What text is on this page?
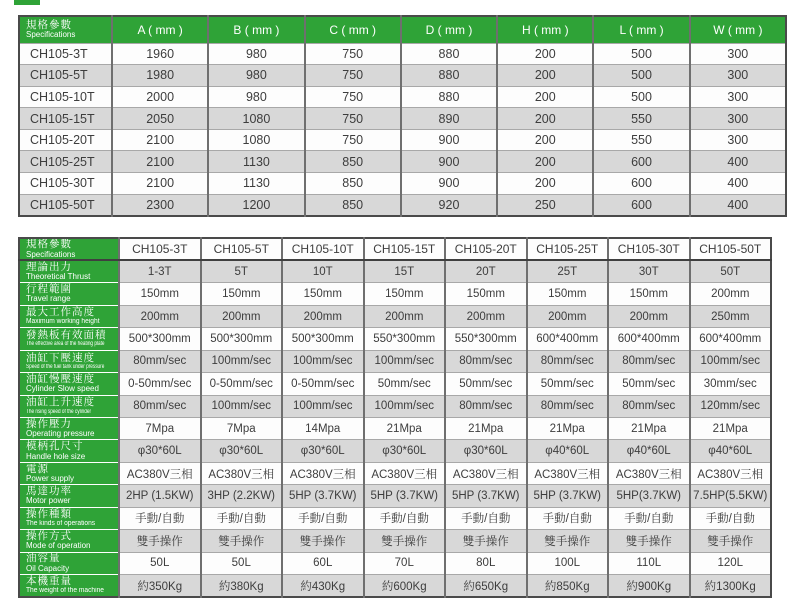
規格參數
Specifications	A ( mm )	B ( mm )	C ( mm )	D ( mm )	H ( mm )	L ( mm )	W ( mm )
CH105-3T	1960	980	750	880	200	500	300
CH105-5T	1980	980	750	880	200	500	300
CH105-10T	2000	980	750	880	200	500	300
CH105-15T	2050	1080	750	890	200	550	300
CH105-20T	2100	1080	750	900	200	550	300
CH105-25T	2100	1130	850	900	200	600	400
CH105-30T	2100	1130	850	900	200	600	400
CH105-50T	2300	1200	850	920	250	600	400
規格參數
Specifications	CH105-3T	CH105-5T	CH105-10T	CH105-15T	CH105-20T	CH105-25T	CH105-30T	CH105-50T

理論出力
Theoretical Thrust	1-3T	5T	10T	15T	20T	25T	30T	50T

行程範圍
Travel range	150mm	150mm	150mm	150mm	150mm	150mm	150mm	200mm

最大工作高度
Maximum working height	200mm	200mm	200mm	200mm	200mm	200mm	200mm	250mm

發熱板有效面積
The effective area of the heating plate	500*300mm	500*300mm	500*300mm	550*300mm	550*300mm	600*400mm	600*400mm	600*400mm

油缸下壓速度
Speed of the fuel tank under pressure	80mm/sec	100mm/sec	100mm/sec	100mm/sec	80mm/sec	80mm/sec	80mm/sec	100mm/sec

油缸慢壓速度
Cylinder Slow speed	0-50mm/sec	0-50mm/sec	0-50mm/sec	50mm/sec	50mm/sec	50mm/sec	50mm/sec	30mm/sec

油缸上升速度
The rising speed of the cylinder	80mm/sec	100mm/sec	100mm/sec	100mm/sec	80mm/sec	80mm/sec	80mm/sec	120mm/sec

操作壓力
Operating pressure	7Mpa	7Mpa	14Mpa	21Mpa	21Mpa	21Mpa	21Mpa	21Mpa

模柄孔尺寸
Handle hole size	φ30*60L	φ30*60L	φ30*60L	φ30*60L	φ30*60L	φ40*60L	φ40*60L	φ40*60L

電源
Power supply	AC380V三相	AC380V三相	AC380V三相	AC380V三相	AC380V三相	AC380V三相	AC380V三相	AC380V三相

馬達功率
Motor power	2HP (1.5KW)	3HP (2.2KW)	5HP (3.7KW)	5HP (3.7KW)	5HP (3.7KW)	5HP (3.7KW)	5HP(3.7KW)	7.5HP(5.5KW)

操作種類
The kinds of operations	手動/自動	手動/自動	手動/自動	手動/自動	手動/自動	手動/自動	手動/自動	手動/自動

操作方式
Mode of operation	雙手操作	雙手操作	雙手操作	雙手操作	雙手操作	雙手操作	雙手操作	雙手操作

油容量
Oil Capacity	50L	50L	60L	70L	80L	100L	110L	120L

本機重量
The weight of the machine	約350Kg	約380Kg	約430Kg	約600Kg	約650Kg	約850Kg	約900Kg	約1300Kg
